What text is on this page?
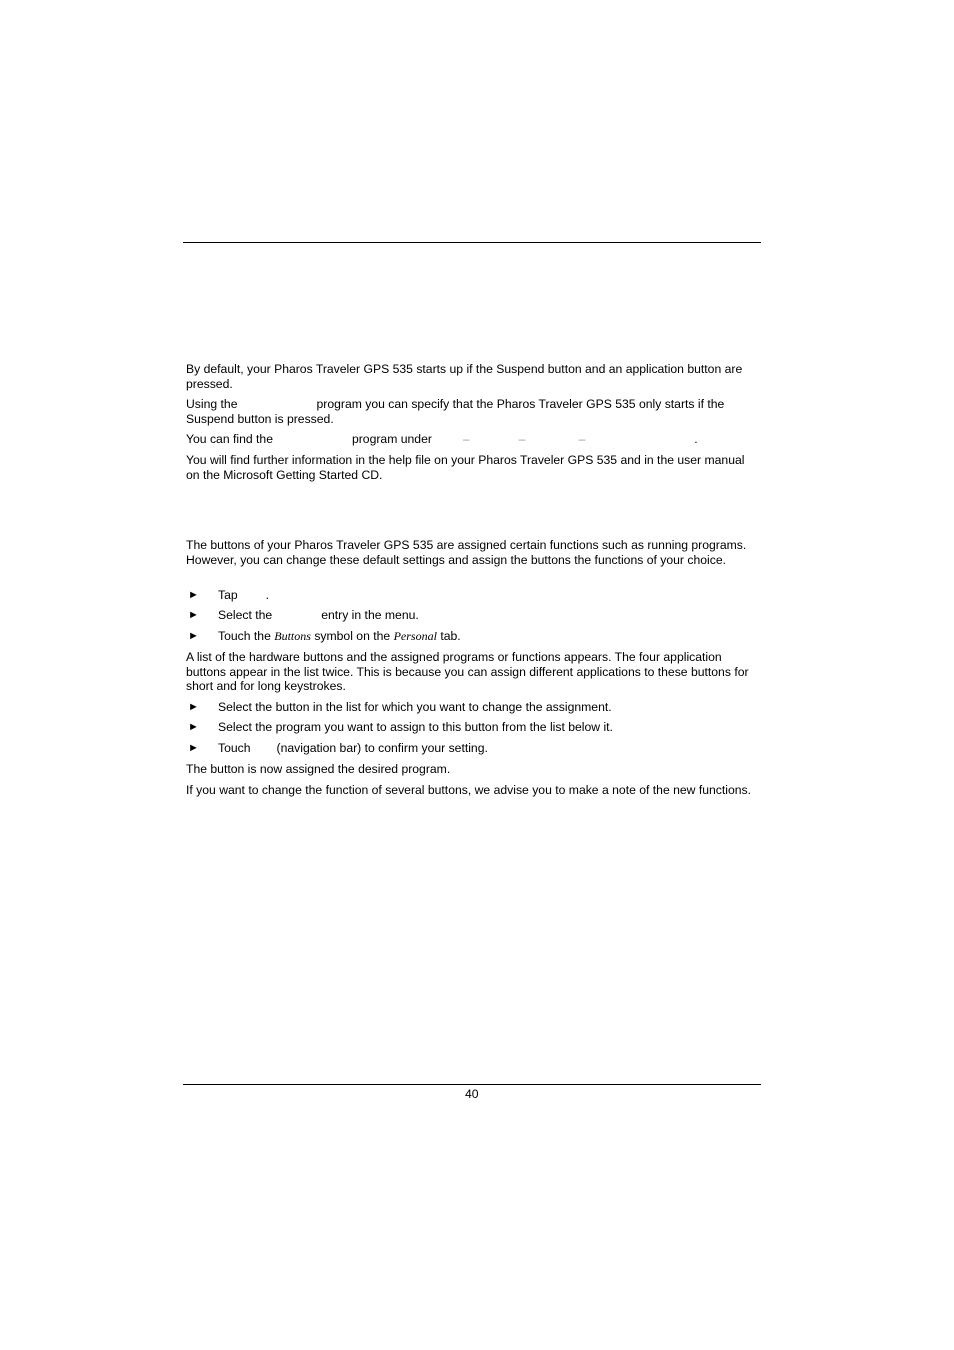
By default, your Pharos Traveler GPS 535 starts up if the Suspend button and an application button are pressed.

Using the	program you can specify that the Pharos Traveler GPS 535 only starts if the Suspend button is pressed.

You can find the	program under	–	–	–	.

You will find further information in the help file on your Pharos Traveler GPS 535 and in the user manual on the Microsoft Getting Started CD.

The buttons of your Pharos Traveler GPS 535 are assigned certain functions such as running programs. However, you can change these default settings and assign the buttons the functions of your choice.

► Tap .
► Select the	entry in the menu.
► Touch the Buttons symbol on the Personal tab.

A list of the hardware buttons and the assigned programs or functions appears. The four application buttons appear in the list twice. This is because you can assign different applications to these buttons for short and for long keystrokes.

► Select the button in the list for which you want to change the assignment.
► Select the program you want to assign to this button from the list below it.
► Touch (navigation bar) to confirm your setting.

The button is now assigned the desired program.

If you want to change the function of several buttons, we advise you to make a note of the new functions.

40
